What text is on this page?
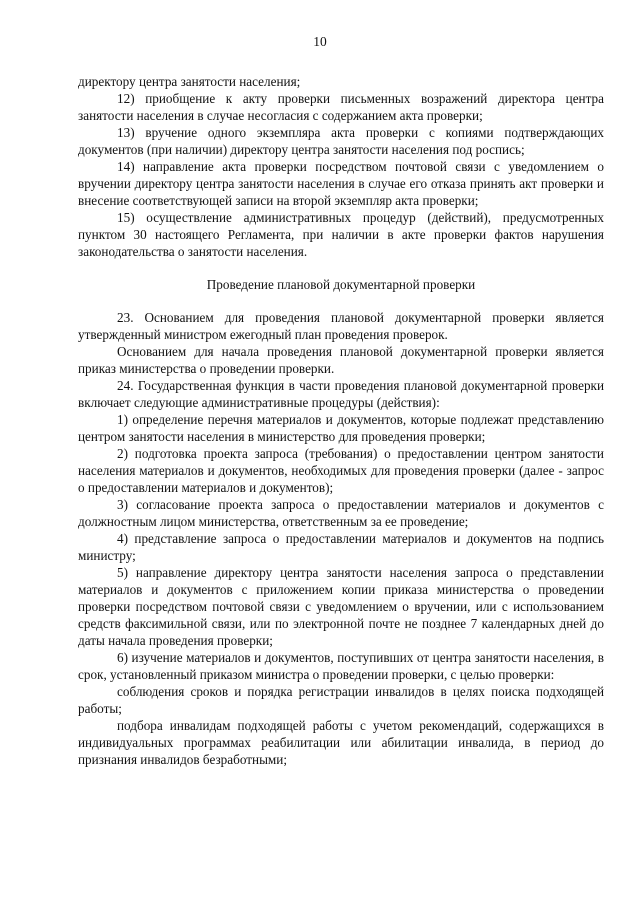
10

директору центра занятости населения;

12) приобщение к акту проверки письменных возражений директора центра занятости населения в случае несогласия с содержанием акта проверки;

13) вручение одного экземпляра акта проверки с копиями подтверждающих документов (при наличии) директору центра занятости населения под роспись;

14) направление акта проверки посредством почтовой связи с уведомлением о вручении директору центра занятости населения в случае его отказа принять акт проверки и внесение соответствующей записи на второй экземпляр акта проверки;

15) осуществление административных процедур (действий), предусмотренных пунктом 30 настоящего Регламента, при наличии в акте проверки фактов нарушения законодательства о занятости населения.

Проведение плановой документарной проверки

23. Основанием для проведения плановой документарной проверки является утвержденный министром ежегодный план проведения проверок.

Основанием для начала проведения плановой документарной проверки является приказ министерства о проведении проверки.

24. Государственная функция в части проведения плановой документарной проверки включает следующие административные процедуры (действия):

1) определение перечня материалов и документов, которые подлежат представлению центром занятости населения в министерство для проведения проверки;

2) подготовка проекта запроса (требования) о предоставлении центром занятости населения материалов и документов, необходимых для проведения проверки (далее - запрос о предоставлении материалов и документов);

3) согласование проекта запроса о предоставлении материалов и документов с должностным лицом министерства, ответственным за ее проведение;

4) представление запроса о предоставлении материалов и документов на подпись министру;

5) направление директору центра занятости населения запроса о представлении материалов и документов с приложением копии приказа министерства о проведении проверки посредством почтовой связи с уведомлением о вручении, или с использованием средств факсимильной связи, или по электронной почте не позднее 7 календарных дней до даты начала проведения проверки;

6) изучение материалов и документов, поступивших от центра занятости населения, в срок, установленный приказом министра о проведении проверки, с целью проверки:

соблюдения сроков и порядка регистрации инвалидов в целях поиска подходящей работы;

подбора инвалидам подходящей работы с учетом рекомендаций, содержащихся в индивидуальных программах реабилитации или абилитации инвалида, в период до признания инвалидов безработными;
